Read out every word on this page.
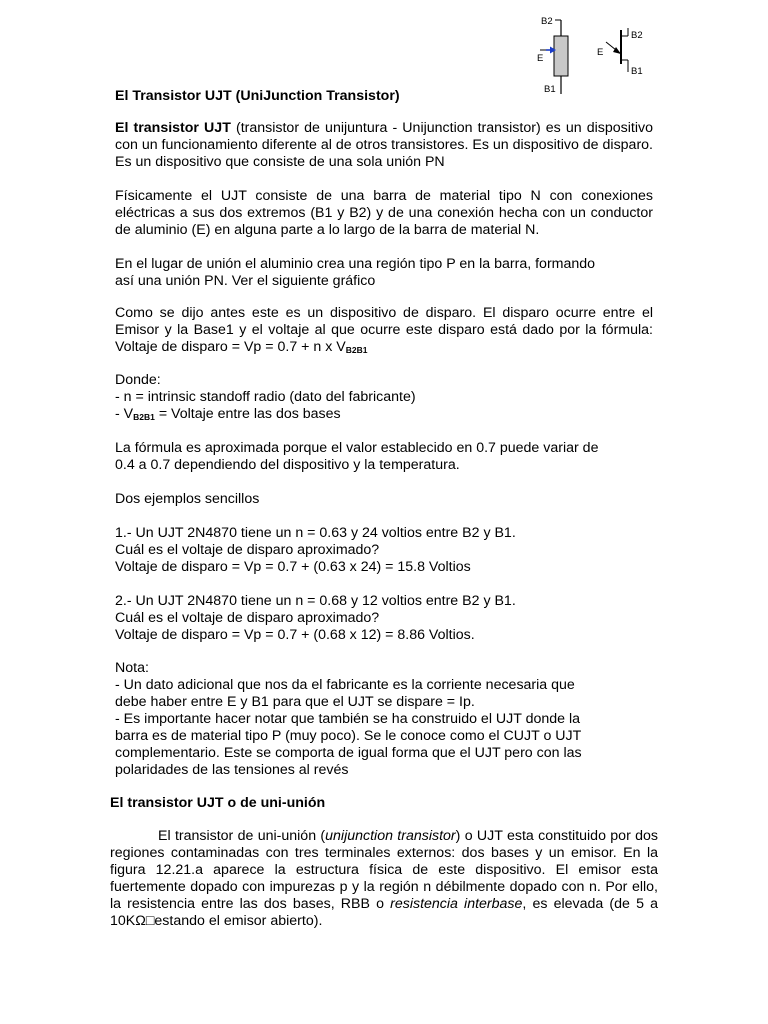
B2
E
B1
B2
E
B1
El Transistor UJT (UniJunction Transistor)

El transistor UJT (transistor de unijuntura - Unijunction transistor) es un dispositivo con un funcionamiento diferente al de otros transistores. Es un dispositivo de disparo. Es un dispositivo que consiste de una sola unión PN

Físicamente el UJT consiste de una barra de material tipo N con conexiones eléctricas a sus dos extremos (B1 y B2) y de una conexión hecha con un conductor de aluminio (E) en alguna parte a lo largo de la barra de material N.

En el lugar de unión el aluminio crea una región tipo P en la barra, formando
así una unión PN. Ver el siguiente gráfico

Como se dijo antes este es un dispositivo de disparo. El disparo ocurre entre el Emisor y la Base1 y el voltaje al que ocurre este disparo está dado por la fórmula: Voltaje de disparo = Vp = 0.7 + n x $V_{B2B1}$

Donde:
- n = intrinsic standoff radio (dato del fabricante)
- $V_{B2B1}$ = Voltaje entre las dos bases

La fórmula es aproximada porque el valor establecido en 0.7 puede variar de
0.4 a 0.7 dependiendo del dispositivo y la temperatura.

Dos ejemplos sencillos

1.- Un UJT 2N4870 tiene un n = 0.63 y 24 voltios entre B2 y B1.
Cuál es el voltaje de disparo aproximado?
Voltaje de disparo = Vp = 0.7 + (0.63 x 24) = 15.8 Voltios

2.- Un UJT 2N4870 tiene un n = 0.68 y 12 voltios entre B2 y B1.
Cuál es el voltaje de disparo aproximado?
Voltaje de disparo = Vp = 0.7 + (0.68 x 12) = 8.86 Voltios.

Nota:
- Un dato adicional que nos da el fabricante es la corriente necesaria que
debe haber entre E y B1 para que el UJT se dispare = Ip.
- Es importante hacer notar que también se ha construido el UJT donde la
barra es de material tipo P (muy poco). Se le conoce como el CUJT o UJT
complementario. Este se comporta de igual forma que el UJT pero con las
polaridades de las tensiones al revés

El transistor UJT o de uni-unión

El transistor de uni-unión (unijunction transistor) o UJT esta constituido por dos regiones contaminadas con tres terminales externos: dos bases y un emisor. En la figura 12.21.a aparece la estructura física de este dispositivo. El emisor esta fuertemente dopado con impurezas p y la región n débilmente dopado con n. Por ello, la resistencia entre las dos bases, RBB o resistencia interbase, es elevada (de 5 a 10KΩ□estando el emisor abierto).
